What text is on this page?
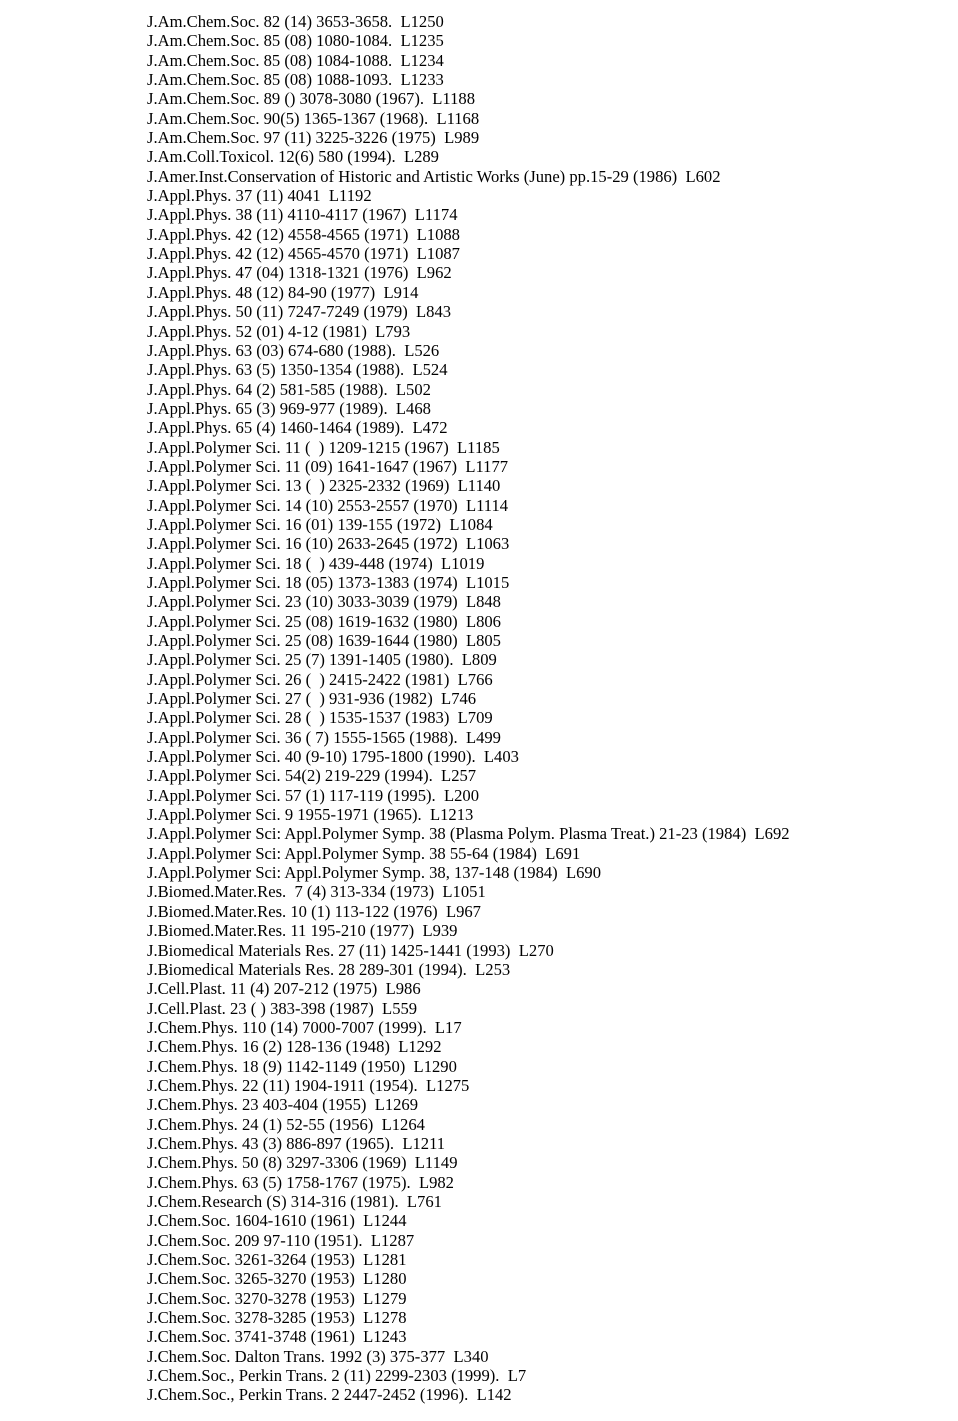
J.Am.Chem.Soc. 82 (14) 3653-3658.  L1250
J.Am.Chem.Soc. 85 (08) 1080-1084.  L1235
J.Am.Chem.Soc. 85 (08) 1084-1088.  L1234
J.Am.Chem.Soc. 85 (08) 1088-1093.  L1233
J.Am.Chem.Soc. 89 () 3078-3080 (1967).  L1188
J.Am.Chem.Soc. 90(5) 1365-1367 (1968).  L1168
J.Am.Chem.Soc. 97 (11) 3225-3226 (1975)  L989
J.Am.Coll.Toxicol. 12(6) 580 (1994).  L289
J.Amer.Inst.Conservation of Historic and Artistic Works (June) pp.15-29 (1986)  L602
J.Appl.Phys. 37 (11) 4041  L1192
J.Appl.Phys. 38 (11) 4110-4117 (1967)  L1174
J.Appl.Phys. 42 (12) 4558-4565 (1971)  L1088
J.Appl.Phys. 42 (12) 4565-4570 (1971)  L1087
J.Appl.Phys. 47 (04) 1318-1321 (1976)  L962
J.Appl.Phys. 48 (12) 84-90 (1977)  L914
J.Appl.Phys. 50 (11) 7247-7249 (1979)  L843
J.Appl.Phys. 52 (01) 4-12 (1981)  L793
J.Appl.Phys. 63 (03) 674-680 (1988).  L526
J.Appl.Phys. 63 (5) 1350-1354 (1988).  L524
J.Appl.Phys. 64 (2) 581-585 (1988).  L502
J.Appl.Phys. 65 (3) 969-977 (1989).  L468
J.Appl.Phys. 65 (4) 1460-1464 (1989).  L472
J.Appl.Polymer Sci. 11 (  ) 1209-1215 (1967)  L1185
J.Appl.Polymer Sci. 11 (09) 1641-1647 (1967)  L1177
J.Appl.Polymer Sci. 13 (  ) 2325-2332 (1969)  L1140
J.Appl.Polymer Sci. 14 (10) 2553-2557 (1970)  L1114
J.Appl.Polymer Sci. 16 (01) 139-155 (1972)  L1084
J.Appl.Polymer Sci. 16 (10) 2633-2645 (1972)  L1063
J.Appl.Polymer Sci. 18 (  ) 439-448 (1974)  L1019
J.Appl.Polymer Sci. 18 (05) 1373-1383 (1974)  L1015
J.Appl.Polymer Sci. 23 (10) 3033-3039 (1979)  L848
J.Appl.Polymer Sci. 25 (08) 1619-1632 (1980)  L806
J.Appl.Polymer Sci. 25 (08) 1639-1644 (1980)  L805
J.Appl.Polymer Sci. 25 (7) 1391-1405 (1980).  L809
J.Appl.Polymer Sci. 26 (  ) 2415-2422 (1981)  L766
J.Appl.Polymer Sci. 27 (  ) 931-936 (1982)  L746
J.Appl.Polymer Sci. 28 (  ) 1535-1537 (1983)  L709
J.Appl.Polymer Sci. 36 ( 7) 1555-1565 (1988).  L499
J.Appl.Polymer Sci. 40 (9-10) 1795-1800 (1990).  L403
J.Appl.Polymer Sci. 54(2) 219-229 (1994).  L257
J.Appl.Polymer Sci. 57 (1) 117-119 (1995).  L200
J.Appl.Polymer Sci. 9 1955-1971 (1965).  L1213
J.Appl.Polymer Sci: Appl.Polymer Symp. 38 (Plasma Polym. Plasma Treat.) 21-23 (1984)  L692
J.Appl.Polymer Sci: Appl.Polymer Symp. 38 55-64 (1984)  L691
J.Appl.Polymer Sci: Appl.Polymer Symp. 38, 137-148 (1984)  L690
J.Biomed.Mater.Res.  7 (4) 313-334 (1973)  L1051
J.Biomed.Mater.Res. 10 (1) 113-122 (1976)  L967
J.Biomed.Mater.Res. 11 195-210 (1977)  L939
J.Biomedical Materials Res. 27 (11) 1425-1441 (1993)  L270
J.Biomedical Materials Res. 28 289-301 (1994).  L253
J.Cell.Plast. 11 (4) 207-212 (1975)  L986
J.Cell.Plast. 23 ( ) 383-398 (1987)  L559
J.Chem.Phys. 110 (14) 7000-7007 (1999).  L17
J.Chem.Phys. 16 (2) 128-136 (1948)  L1292
J.Chem.Phys. 18 (9) 1142-1149 (1950)  L1290
J.Chem.Phys. 22 (11) 1904-1911 (1954).  L1275
J.Chem.Phys. 23 403-404 (1955)  L1269
J.Chem.Phys. 24 (1) 52-55 (1956)  L1264
J.Chem.Phys. 43 (3) 886-897 (1965).  L1211
J.Chem.Phys. 50 (8) 3297-3306 (1969)  L1149
J.Chem.Phys. 63 (5) 1758-1767 (1975).  L982
J.Chem.Research (S) 314-316 (1981).  L761
J.Chem.Soc. 1604-1610 (1961)  L1244
J.Chem.Soc. 209 97-110 (1951).  L1287
J.Chem.Soc. 3261-3264 (1953)  L1281
J.Chem.Soc. 3265-3270 (1953)  L1280
J.Chem.Soc. 3270-3278 (1953)  L1279
J.Chem.Soc. 3278-3285 (1953)  L1278
J.Chem.Soc. 3741-3748 (1961)  L1243
J.Chem.Soc. Dalton Trans. 1992 (3) 375-377  L340
J.Chem.Soc., Perkin Trans. 2 (11) 2299-2303 (1999).  L7
J.Chem.Soc., Perkin Trans. 2 2447-2452 (1996).  L142
